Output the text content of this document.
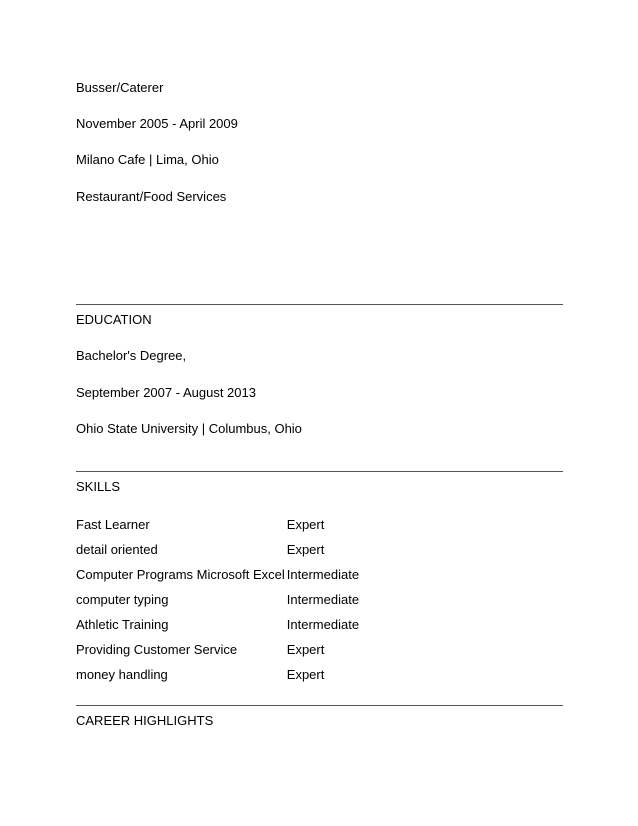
Busser/Caterer

November 2005 - April 2009

Milano Cafe | Lima, Ohio

Restaurant/Food Services

EDUCATION

Bachelor's Degree,

September 2007 - August 2013

Ohio State University | Columbus, Ohio

SKILLS
Fast Learner	Expert
detail oriented	Expert
Computer Programs Microsoft Excel	Intermediate
computer typing	Intermediate
Athletic Training	Intermediate
Providing Customer Service	Expert
money handling	Expert
CAREER HIGHLIGHTS
